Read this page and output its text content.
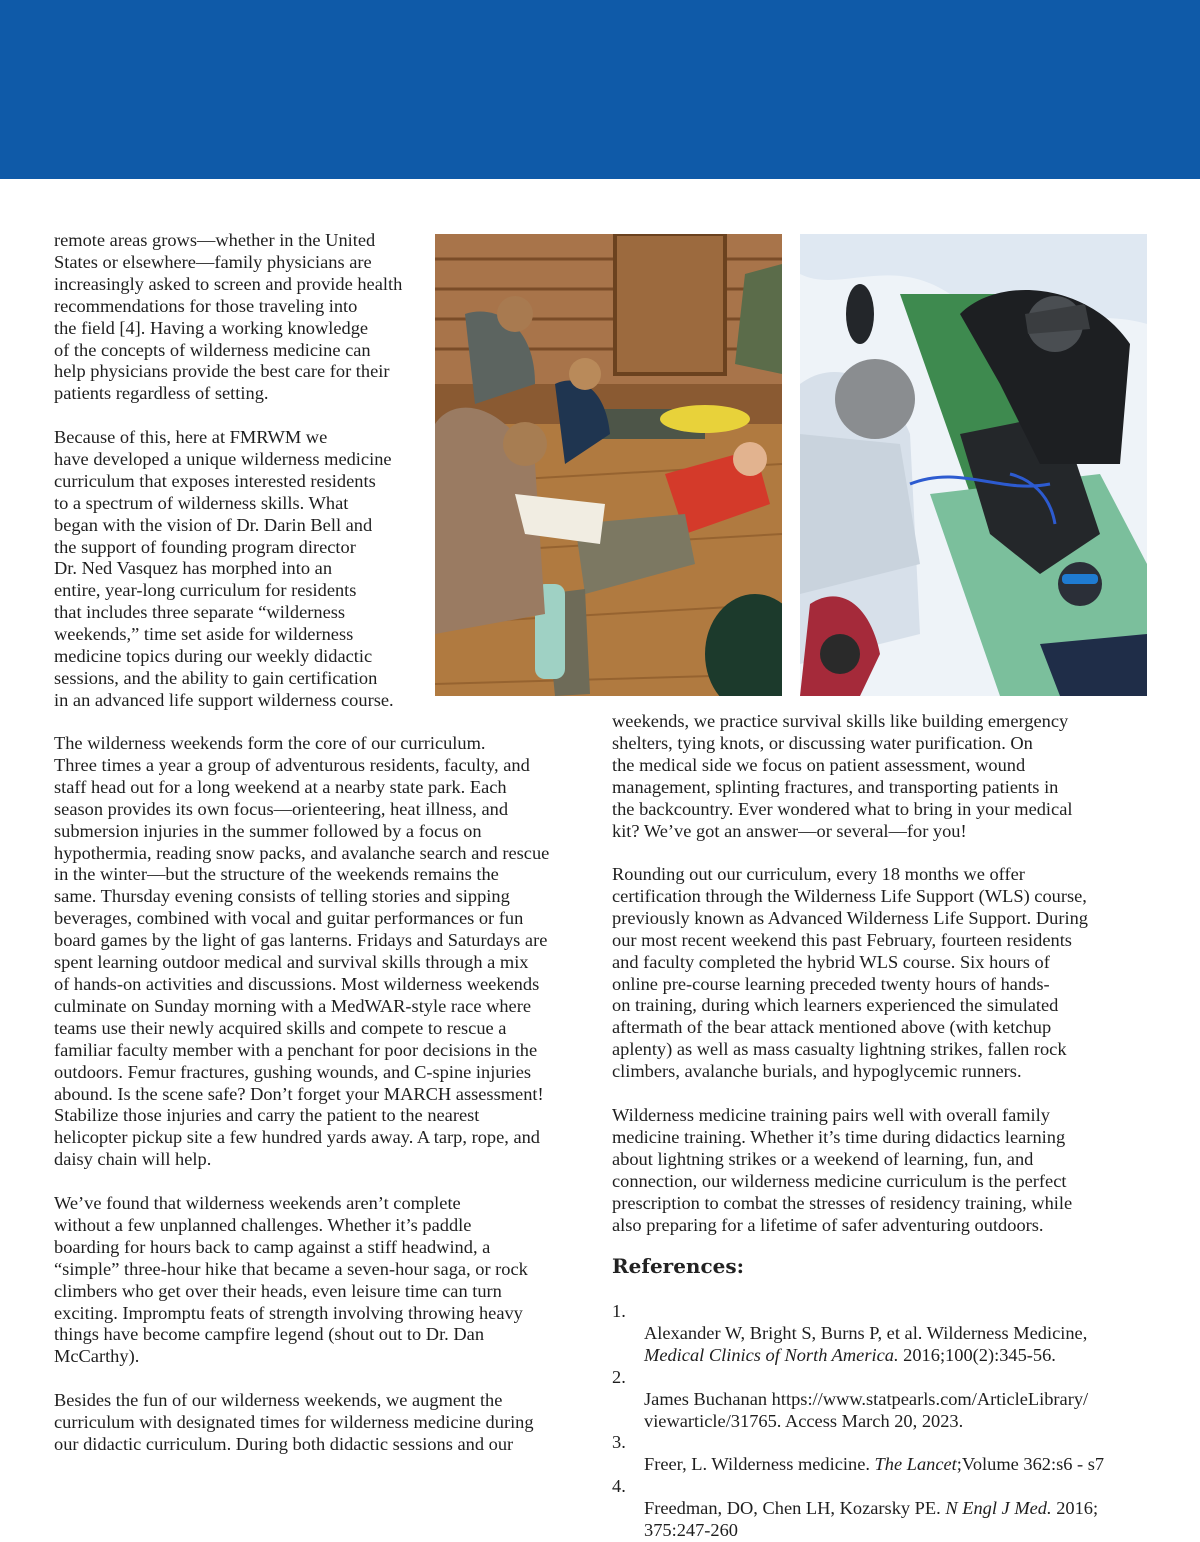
remote areas grows—whether in the United
States or elsewhere—family physicians are
increasingly asked to screen and provide health
recommendations for those traveling into
the field [4]. Having a working knowledge
of the concepts of wilderness medicine can
help physicians provide the best care for their
patients regardless of setting.

Because of this, here at FMRWM we
have developed a unique wilderness medicine
curriculum that exposes interested residents
to a spectrum of wilderness skills. What
began with the vision of Dr. Darin Bell and
the support of founding program director
Dr. Ned Vasquez has morphed into an
entire, year-long curriculum for residents
that includes three separate “wilderness
weekends,” time set aside for wilderness
medicine topics during our weekly didactic
sessions, and the ability to gain certification
in an advanced life support wilderness course.

The wilderness weekends form the core of our curriculum.
Three times a year a group of adventurous residents, faculty, and
staff head out for a long weekend at a nearby state park. Each
season provides its own focus—orienteering, heat illness, and
submersion injuries in the summer followed by a focus on
hypothermia, reading snow packs, and avalanche search and rescue
in the winter—but the structure of the weekends remains the
same. Thursday evening consists of telling stories and sipping
beverages, combined with vocal and guitar performances or fun
board games by the light of gas lanterns. Fridays and Saturdays are
spent learning outdoor medical and survival skills through a mix
of hands-on activities and discussions. Most wilderness weekends
culminate on Sunday morning with a MedWAR-style race where
teams use their newly acquired skills and compete to rescue a
familiar faculty member with a penchant for poor decisions in the
outdoors. Femur fractures, gushing wounds, and C-spine injuries
abound. Is the scene safe? Don’t forget your MARCH assessment!
Stabilize those injuries and carry the patient to the nearest
helicopter pickup site a few hundred yards away. A tarp, rope, and
daisy chain will help.

We’ve found that wilderness weekends aren’t complete
without a few unplanned challenges. Whether it’s paddle
boarding for hours back to camp against a stiff headwind, a
“simple” three-hour hike that became a seven-hour saga, or rock
climbers who get over their heads, even leisure time can turn
exciting. Impromptu feats of strength involving throwing heavy
things have become campfire legend (shout out to Dr. Dan
McCarthy).

Besides the fun of our wilderness weekends, we augment the
curriculum with designated times for wilderness medicine during
our didactic curriculum. During both didactic sessions and our

weekends, we practice survival skills like building emergency
shelters, tying knots, or discussing water purification. On
the medical side we focus on patient assessment, wound
management, splinting fractures, and transporting patients in
the backcountry. Ever wondered what to bring in your medical
kit? We’ve got an answer—or several—for you!

Rounding out our curriculum, every 18 months we offer
certification through the Wilderness Life Support (WLS) course,
previously known as Advanced Wilderness Life Support. During
our most recent weekend this past February, fourteen residents
and faculty completed the hybrid WLS course. Six hours of
online pre-course learning preceded twenty hours of hands-
on training, during which learners experienced the simulated
aftermath of the bear attack mentioned above (with ketchup
aplenty) as well as mass casualty lightning strikes, fallen rock
climbers, avalanche burials, and hypoglycemic runners.

Wilderness medicine training pairs well with overall family
medicine training. Whether it’s time during didactics learning
about lightning strikes or a weekend of learning, fun, and
connection, our wilderness medicine curriculum is the perfect
prescription to combat the stresses of residency training, while
also preparing for a lifetime of safer adventuring outdoors.

References:

1.
Alexander W, Bright S, Burns P, et al. Wilderness Medicine,
Medical Clinics of North America. 2016;100(2):345-56.

2.
James Buchanan https://www.statpearls.com/ArticleLibrary/
viewarticle/31765. Access March 20, 2023.

3.
Freer, L. Wilderness medicine. The Lancet;Volume 362:s6 - s7

4.
Freedman, DO, Chen LH, Kozarsky PE. N Engl J Med. 2016;
375:247-260
